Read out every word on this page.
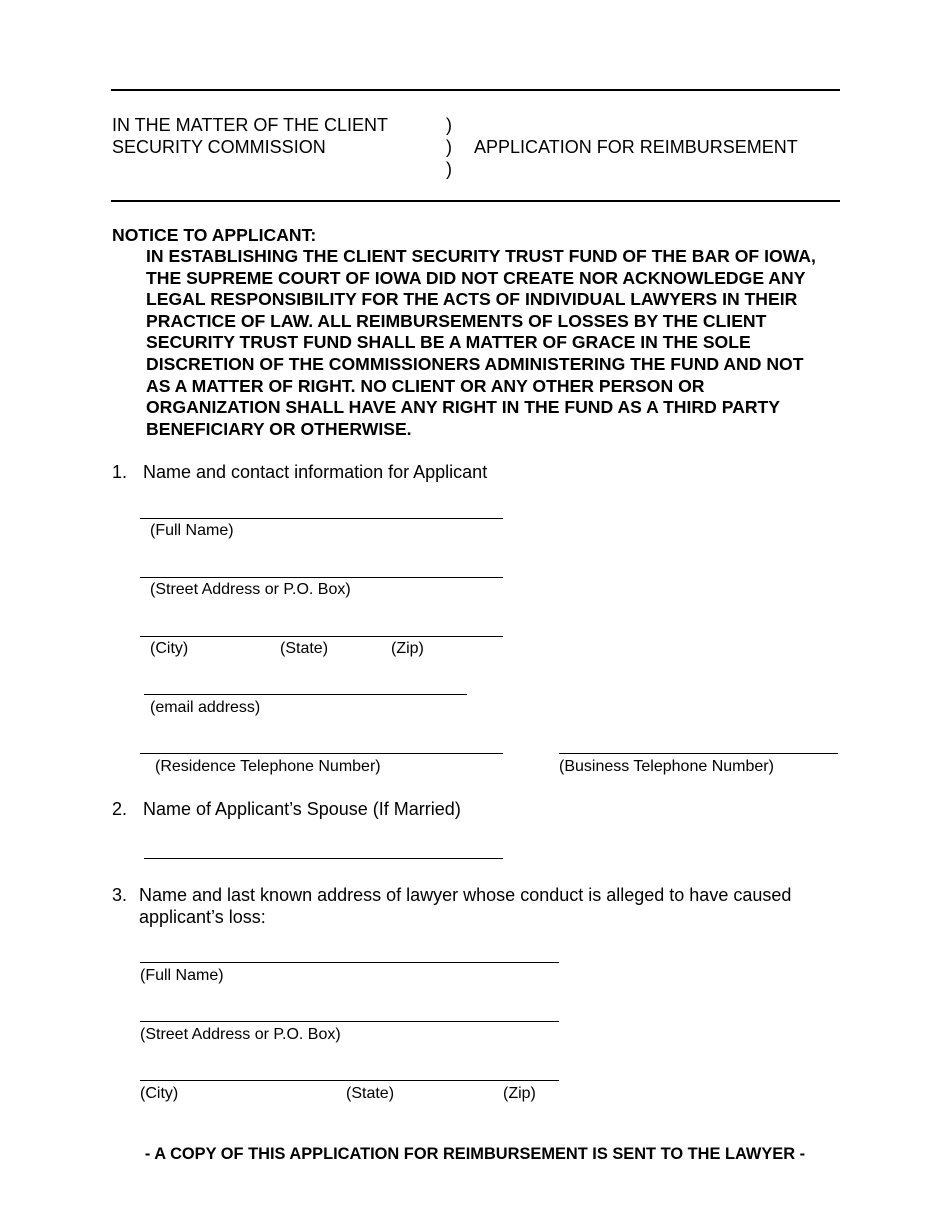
IN THE MATTER OF THE CLIENT
SECURITY COMMISSION
)
)
)
APPLICATION FOR REIMBURSEMENT
NOTICE TO APPLICANT:

IN ESTABLISHING THE CLIENT SECURITY TRUST FUND OF THE BAR OF IOWA,

THE SUPREME COURT OF IOWA DID NOT CREATE NOR ACKNOWLEDGE ANY

LEGAL RESPONSIBILITY FOR THE ACTS OF INDIVIDUAL LAWYERS IN THEIR

PRACTICE OF LAW. ALL REIMBURSEMENTS OF LOSSES BY THE CLIENT

SECURITY TRUST FUND SHALL BE A MATTER OF GRACE IN THE SOLE

DISCRETION OF THE COMMISSIONERS ADMINISTERING THE FUND AND NOT

AS A MATTER OF RIGHT. NO CLIENT OR ANY OTHER PERSON OR

ORGANIZATION SHALL HAVE ANY RIGHT IN THE FUND AS A THIRD PARTY

BENEFICIARY OR OTHERWISE.

1. Name and contact information for Applicant
(Full Name)
(Street Address or P.O. Box)
(City)	(State)	(Zip)
(email address)
(Residence Telephone Number)	(Business Telephone Number)
2. Name of Applicant’s Spouse (If Married)
3. Name and last known address of lawyer whose conduct is alleged to have caused
applicant’s loss:
(Full Name)
(Street Address or P.O. Box)
(City)	(State)	(Zip)
- A COPY OF THIS APPLICATION FOR REIMBURSEMENT IS SENT TO THE LAWYER -
